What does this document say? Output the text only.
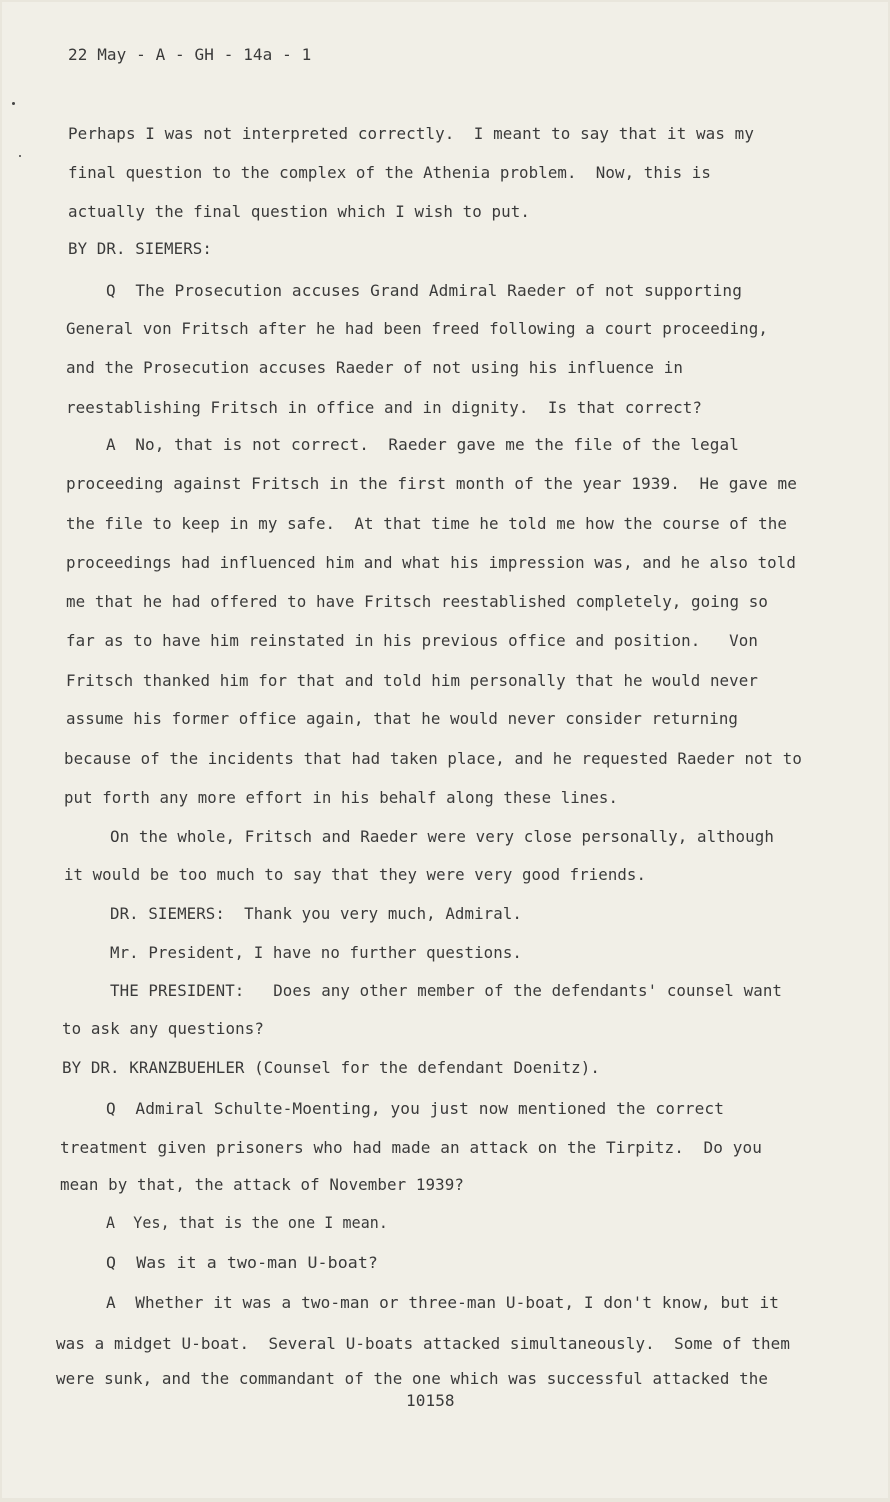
22 May - A - GH - 14a - 1
Perhaps I was not interpreted correctly.  I meant to say that it was my
final question to the complex of the Athenia problem.  Now, this is
actually the final question which I wish to put.
BY DR. SIEMERS:
Q  The Prosecution accuses Grand Admiral Raeder of not supporting
General von Fritsch after he had been freed following a court proceeding,
and the Prosecution accuses Raeder of not using his influence in
reestablishing Fritsch in office and in dignity.  Is that correct?
A  No, that is not correct.  Raeder gave me the file of the legal
proceeding against Fritsch in the first month of the year 1939.  He gave me
the file to keep in my safe.  At that time he told me how the course of the
proceedings had influenced him and what his impression was, and he also told
me that he had offered to have Fritsch reestablished completely, going so
far as to have him reinstated in his previous office and position.   Von
Fritsch thanked him for that and told him personally that he would never
assume his former office again, that he would never consider returning
because of the incidents that had taken place, and he requested Raeder not to
put forth any more effort in his behalf along these lines.
On the whole, Fritsch and Raeder were very close personally, although
it would be too much to say that they were very good friends.
DR. SIEMERS:  Thank you very much, Admiral.
Mr. President, I have no further questions.
THE PRESIDENT:   Does any other member of the defendants' counsel want
to ask any questions?
BY DR. KRANZBUEHLER (Counsel for the defendant Doenitz).
Q  Admiral Schulte-Moenting, you just now mentioned the correct
treatment given prisoners who had made an attack on the Tirpitz.  Do you
mean by that, the attack of November 1939?
A  Yes, that is the one I mean.
Q  Was it a two-man U-boat?
A  Whether it was a two-man or three-man U-boat, I don't know, but it
was a midget U-boat.  Several U-boats attacked simultaneously.  Some of them
were sunk, and the commandant of the one which was successful attacked the
10158
